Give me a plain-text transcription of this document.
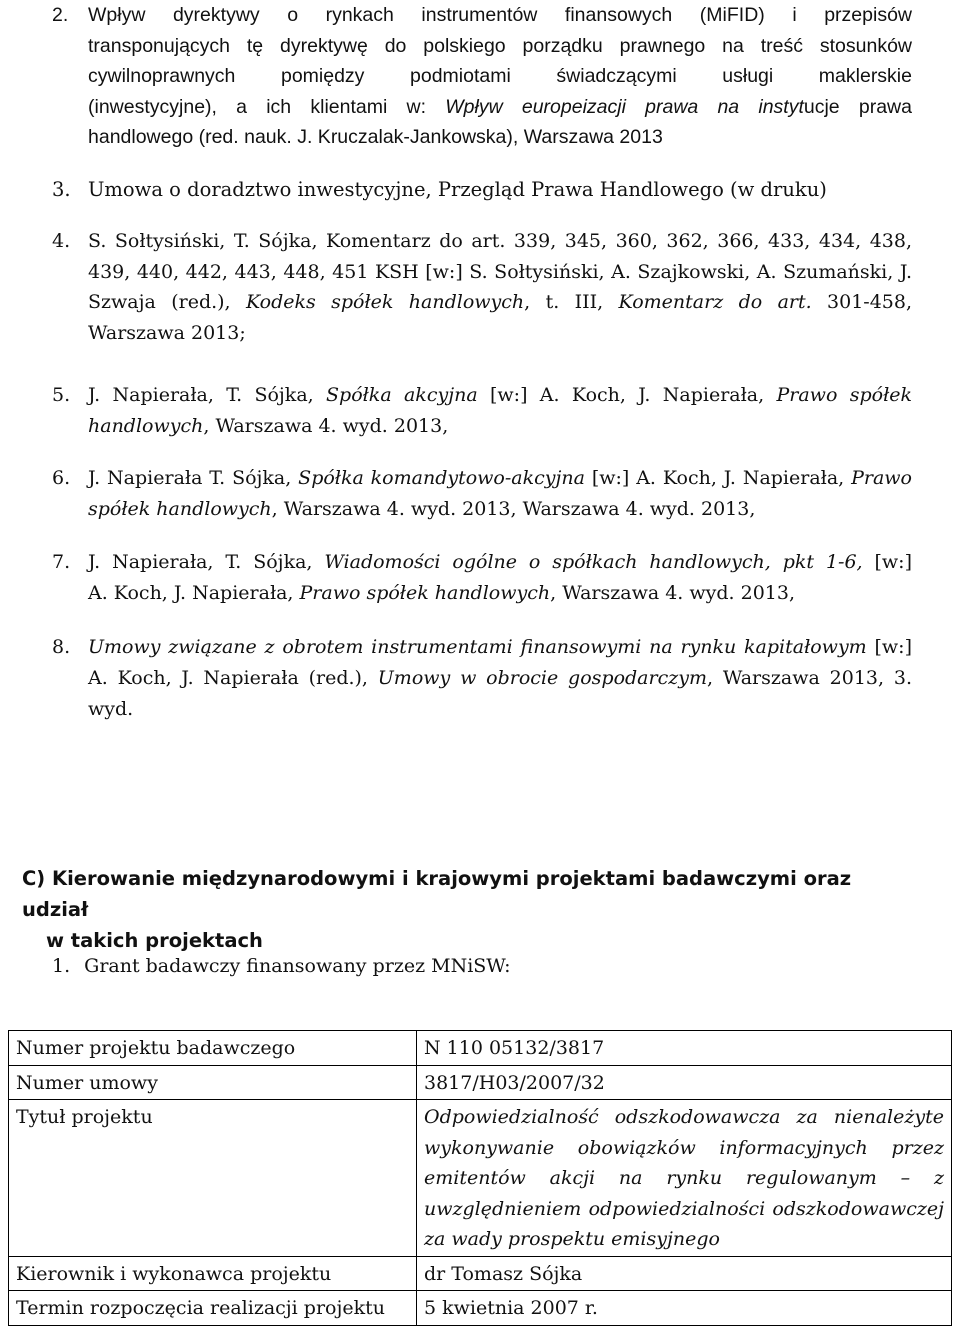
2. Wpływ dyrektywy o rynkach instrumentów finansowych (MiFID) i przepisów
transponujących tę dyrektywę do polskiego porządku prawnego na treść stosunków
cywilnoprawnych pomiędzy podmiotami świadczącymi usługi maklerskie
(inwestycyjne), a ich klientami w: Wpływ europeizacji prawa na instytucje prawa
handlowego (red. nauk. J. Kruczalak-Jankowska), Warszawa 2013
3. Umowa o doradztwo inwestycyjne, Przegląd Prawa Handlowego (w druku)
4. S. Sołtysiński, T. Sójka, Komentarz do art. 339, 345, 360, 362, 366, 433, 434, 438,
439, 440, 442, 443, 448, 451 KSH [w:] S. Sołtysiński, A. Szajkowski, A. Szumański, J.
Szwaja (red.), Kodeks spółek handlowych, t. III, Komentarz do art. 301-458,
Warszawa 2013;
5. J. Napierała, T. Sójka, Spółka akcyjna [w:] A. Koch, J. Napierała, Prawo spółek
handlowych, Warszawa 4. wyd. 2013,
6. J. Napierała T. Sójka, Spółka komandytowo-akcyjna [w:] A. Koch, J. Napierała, Prawo
spółek handlowych, Warszawa 4. wyd. 2013, Warszawa 4. wyd. 2013,
7. J. Napierała, T. Sójka, Wiadomości ogólne o spółkach handlowych, pkt 1-6, [w:]
A. Koch, J. Napierała, Prawo spółek handlowych, Warszawa 4. wyd. 2013,
8. Umowy związane z obrotem instrumentami finansowymi na rynku kapitałowym [w:]
A. Koch, J. Napierała (red.), Umowy w obrocie gospodarczym, Warszawa 2013, 3.
wyd.
C) Kierowanie międzynarodowymi i krajowymi projektami badawczymi oraz udział
w takich projektach
1. Grant badawczy finansowany przez MNiSW:
Numer projektu badawczego	N 110 05132/3817
Numer umowy	3817/H03/2007/32
Tytuł projektu	Odpowiedzialność odszkodowawcza za nienależyte
wykonywanie obowiązków informacyjnych przez
emitentów akcji na rynku regulowanym – z
uwzględnieniem odpowiedzialności odszkodowawczej
za wady prospektu emisyjnego

Kierownik i wykonawca projektu	dr Tomasz Sójka
Termin rozpoczęcia realizacji projektu	5 kwietnia 2007 r.
